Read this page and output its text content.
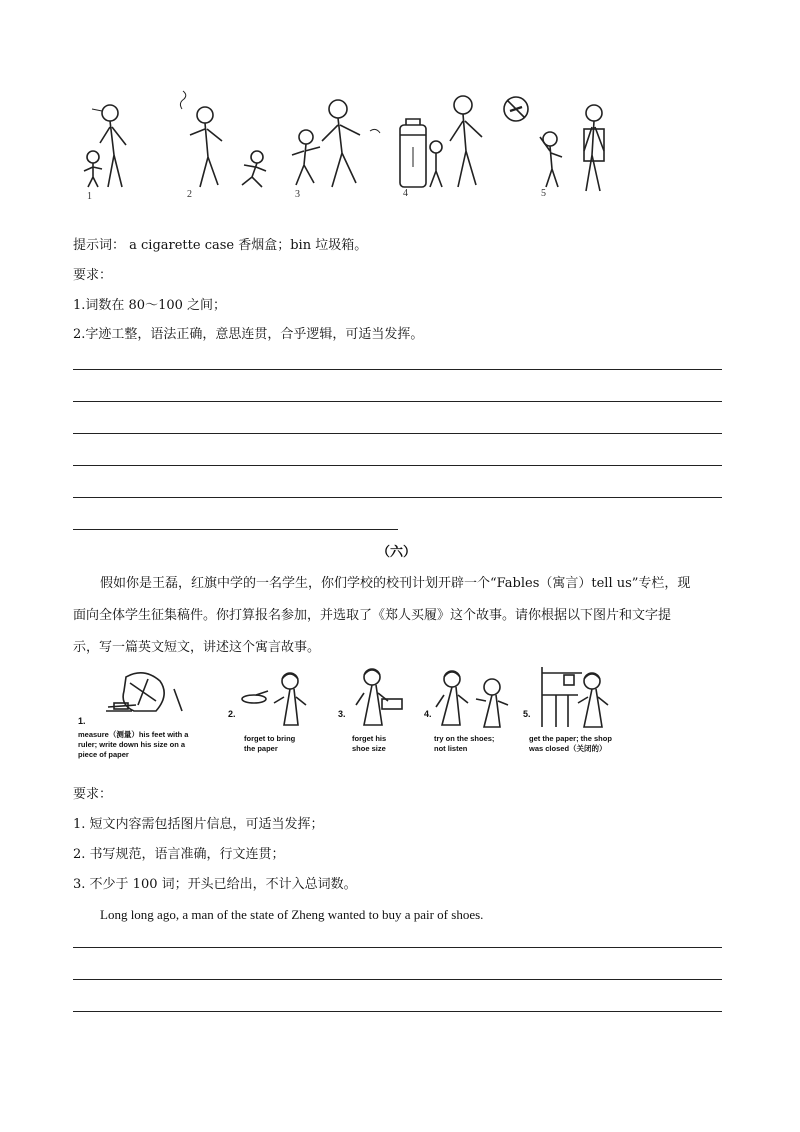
1	2	3	4	5
提示词： a cigarette case 香烟盒；bin 垃圾箱。
要求：
1.词数在 80～100 之间；
2.字迹工整，语法正确，意思连贯，合乎逻辑，可适当发挥。
（六）
假如你是王磊，红旗中学的一名学生，你们学校的校刊计划开辟一个“Fables（寓言）tell us”专栏，现
面向全体学生征集稿件。你打算报名参加，并选取了《郑人买履》这个故事。请你根据以下图片和文字提
示，写一篇英文短文，讲述这个寓言故事。
1.
measure（测量）his feet with a
ruler; write down his size on a
piece of paper
2.
forget to bring
the paper
3.
forget his
shoe size
4.
try on the shoes;
not listen
5.
get the paper; the shop
was closed（关闭的）
要求：
1. 短文内容需包括图片信息，可适当发挥；
2. 书写规范，语言准确，行文连贯；
3. 不少于 100 词；开头已给出，不计入总词数。
Long long ago, a man of the state of Zheng wanted to buy a pair of shoes.
